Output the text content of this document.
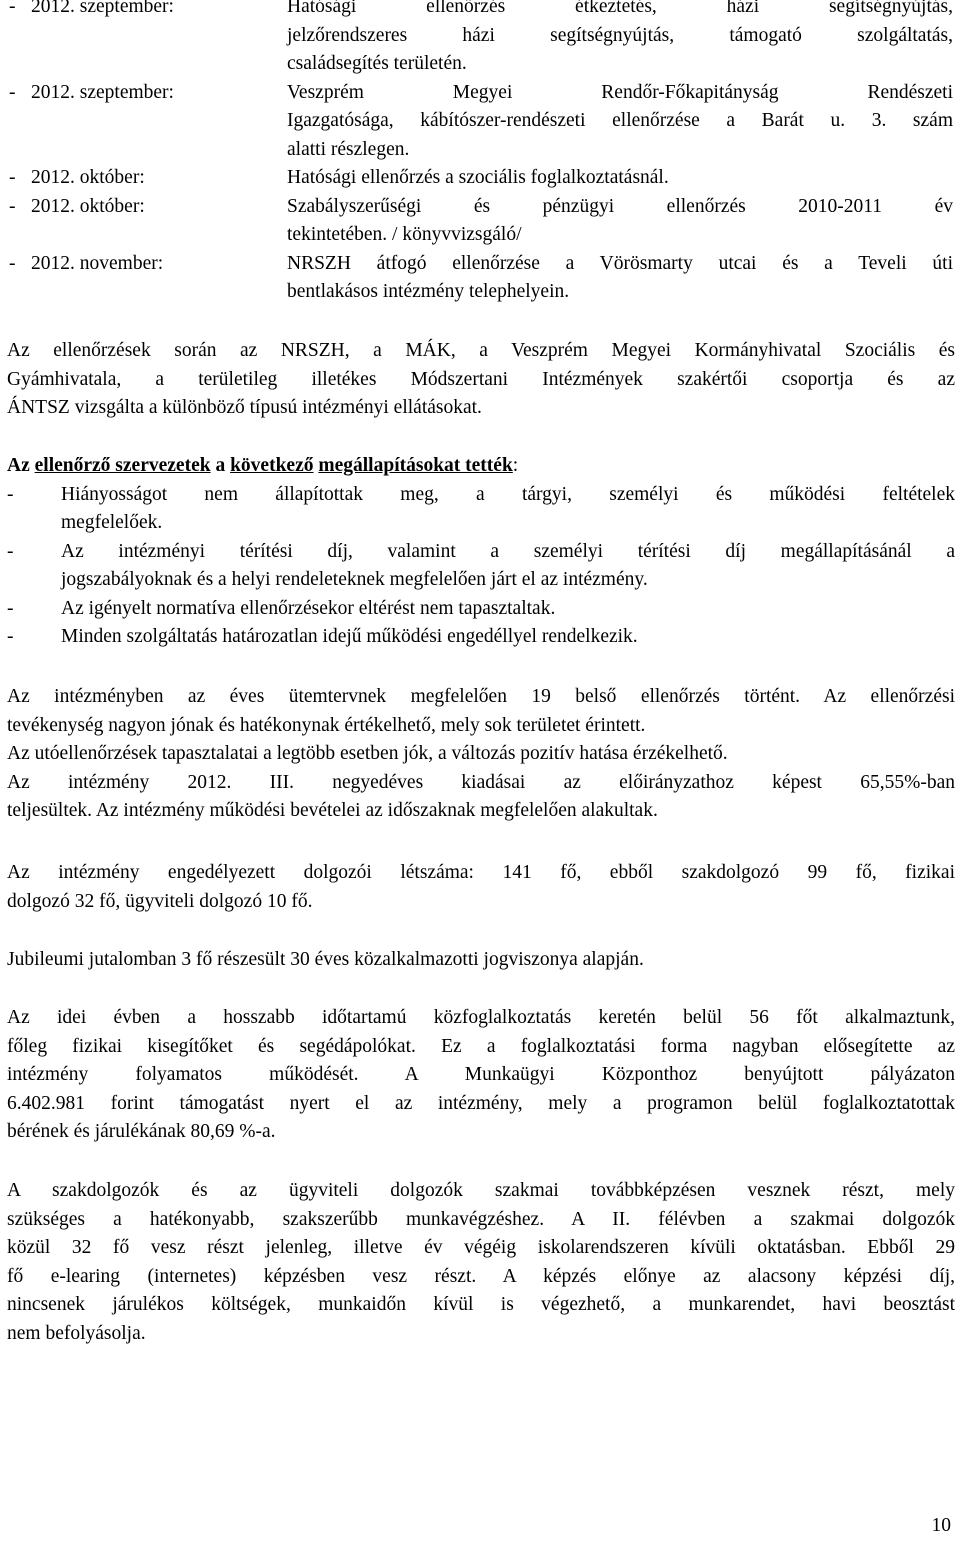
- 2012. szeptember:	Hatósági ellenőrzés étkeztetés, házi segítségnyújtás,
jelzőrendszeres házi segítségnyújtás, támogató szolgáltatás,
családsegítés területén.
- 2012. szeptember:	Veszprém Megyei Rendőr-Főkapitányság Rendészeti
Igazgatósága, kábítószer-rendészeti ellenőrzése a Barát u. 3. szám
alatti részlegen.
- 2012. október:	Hatósági ellenőrzés a szociális foglalkoztatásnál.
- 2012. október:	Szabályszerűségi és pénzügyi ellenőrzés 2010-2011 év
tekintetében. / könyvvizsgáló/
- 2012. november:	NRSZH átfogó ellenőrzése a Vörösmarty utcai és a Teveli úti
bentlakásos intézmény telephelyein.
Az ellenőrzések során az NRSZH, a MÁK, a Veszprém Megyei Kormányhivatal Szociális és
Gyámhivatala, a területileg illetékes Módszertani Intézmények szakértői csoportja és az
ÁNTSZ vizsgálta a különböző típusú intézményi ellátásokat.
Az ellenőrző szervezetek a következő megállapításokat tették:
-	Hiányosságot nem állapítottak meg, a tárgyi, személyi és működési feltételek
megfelelőek.
-	Az intézményi térítési díj, valamint a személyi térítési díj megállapításánál a
jogszabályoknak és a helyi rendeleteknek megfelelően járt el az intézmény.
-	Az igényelt normatíva ellenőrzésekor eltérést nem tapasztaltak.
-	Minden szolgáltatás határozatlan idejű működési engedéllyel rendelkezik.
Az intézményben az éves ütemtervnek megfelelően 19 belső ellenőrzés történt. Az ellenőrzési
tevékenység nagyon jónak és hatékonynak értékelhető, mely sok területet érintett.
Az utóellenőrzések tapasztalatai a legtöbb esetben jók, a változás pozitív hatása érzékelhető.
Az intézmény 2012. III. negyedéves kiadásai az előirányzathoz képest 65,55%-ban
teljesültek. Az intézmény működési bevételei az időszaknak megfelelően alakultak.
Az intézmény engedélyezett dolgozói létszáma: 141 fő, ebből szakdolgozó 99 fő, fizikai
dolgozó 32 fő, ügyviteli dolgozó 10 fő.
Jubileumi jutalomban 3 fő részesült 30 éves közalkalmazotti jogviszonya alapján.
Az idei évben a hosszabb időtartamú közfoglalkoztatás keretén belül 56 főt alkalmaztunk,
főleg fizikai kisegítőket és segédápolókat. Ez a foglalkoztatási forma nagyban elősegítette az
intézmény folyamatos működését. A Munkaügyi Központhoz benyújtott pályázaton
6.402.981 forint támogatást nyert el az intézmény, mely a programon belül foglalkoztatottak
bérének és járulékának 80,69 %-a.
A szakdolgozók és az ügyviteli dolgozók szakmai továbbképzésen vesznek részt, mely
szükséges a hatékonyabb, szakszerűbb munkavégzéshez. A II. félévben a szakmai dolgozók
közül 32 fő vesz részt jelenleg, illetve év végéig iskolarendszeren kívüli oktatásban. Ebből 29
fő e-learing (internetes) képzésben vesz részt. A képzés előnye az alacsony képzési díj,
nincsenek járulékos költségek, munkaidőn kívül is végezhető, a munkarendet, havi beosztást
nem befolyásolja.
10
